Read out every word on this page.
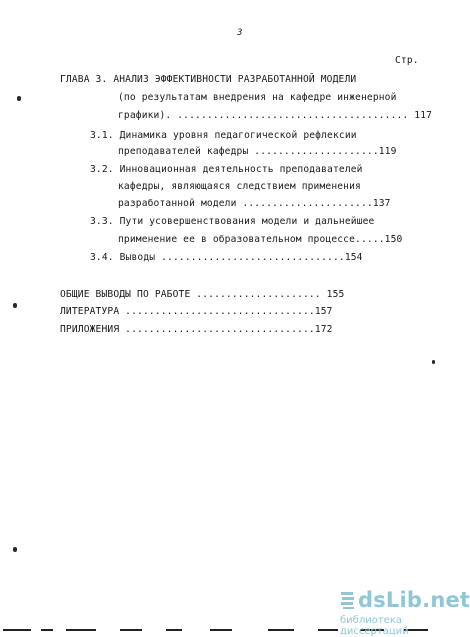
3
Стр.
ГЛАВА 3. АНАЛИЗ ЭФФЕКТИВНОСТИ РАЗРАБОТАННОЙ МОДЕЛИ
(по результатам внедрения на кафедре инженерной
графики). ....................................... 117
3.1. Динамика уровня педагогической рефлексии
преподавателей кафедры .....................119
3.2. Инновационная деятельность преподавателей
кафедры, являющаяся следствием применения
разработанной модели ......................137
3.3. Пути усовершенствования модели и дальнейшее
применение ее в образовательном процессе.....150
3.4. Выводы ...............................154
ОБЩИЕ ВЫВОДЫ ПО РАБОТЕ ..................... 155
ЛИТЕРАТУРА ................................157
ПРИЛОЖЕНИЯ ................................172
dsLib.net
библиотека диссертаций
